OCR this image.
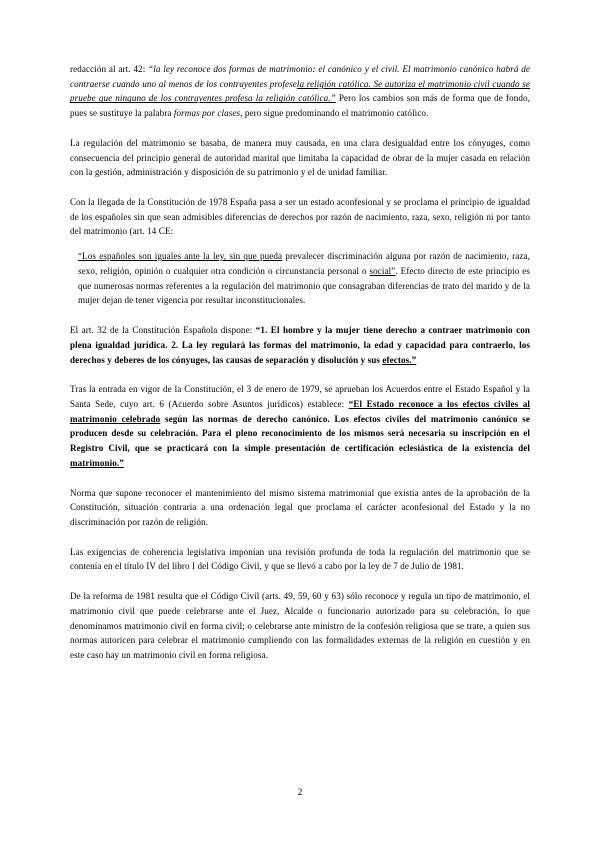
redacción al art. 42: “la ley reconoce dos formas de matrimonio: el canónico y el civil. El matrimonio canónico habrá de contraerse cuando uno al menos de los contrayentes profesela religión católica. Se autoriza el matrimonio civil cuando se pruebe que ninguno de los contrayentes profesa la religión católica.” Pero los cambios son más de forma que de fondo, pues se sustituye la palabra formas por clases, pero sigue predominando el matrimonio católico.

La regulación del matrimonio se basaba, de manera muy causada, en una clara desigualdad entre los cónyuges, como consecuencia del principio general de autoridad marital que limitaba la capacidad de obrar de la mujer casada en relación con la gestión, administración y disposición de su patrimonio y el de unidad familiar.

Con la llegada de la Constitución de 1978 España pasa a ser un estado aconfesional y se proclama el principio de igualdad de los españoles sin que sean admisibles diferencias de derechos por razón de nacimiento, raza, sexo, religión ni por tanto del matrimonio (art. 14 CE:

“Los españoles son iguales ante la ley, sin que pueda prevalecer discriminación alguna por razón de nacimiento, raza, sexo, religión, opinión o cualquier otra condición o circunstancia personal o social”. Efecto directo de este principio es que numerosas normas referentes a la regulación del matrimonio que consagraban diferencias de trato del marido y de la mujer dejan de tener vigencia por resultar inconstitucionales.

El art. 32 de la Constitución Española dispone: “1. El hombre y la mujer tiene derecho a contraer matrimonio con plena igualdad jurídica. 2. La ley regulará las formas del matrimonio, la edad y capacidad para contraerlo, los derechos y deberes de los cónyuges, las causas de separación y disolución y sus efectos.”

Tras la entrada en vigor de la Constitución, el 3 de enero de 1979, se aprueban los Acuerdos entre el Estado Español y la Santa Sede, cuyo art. 6 (Acuerdo sobre Asuntos jurídicos) establece: “El Estado reconoce a los efectos civiles al matrimonio celebrado según las normas de derecho canónico. Los efectos civiles del matrimonio canónico se producen desde su celebración. Para el pleno reconocimiento de los mismos será necesaria su inscripción en el Registro Civil, que se practicará con la simple presentación de certificación eclesiástica de la existencia del matrimonio.”

Norma que supone reconocer el mantenimiento del mismo sistema matrimonial que existía antes de la aprobación de la Constitución, situación contraria a una ordenación legal que proclama el carácter aconfesional del Estado y la no discriminación por razón de religión.

Las exigencias de coherencia legislativa imponían una revisión profunda de toda la regulación del matrimonio que se contenía en el título IV del libro I del Código Civil, y que se llevó a cabo por la ley de 7 de Julio de 1981.

De la reforma de 1981 resulta que el Código Civil (arts. 49, 59, 60 y 63) sólo reconoce y regula un tipo de matrimonio, el matrimonio civil que puede celebrarse ante el Juez, Alcalde o funcionario autorizado para su celebración, lo que denominamos matrimonio civil en forma civil; o celebrarse ante ministro de la confesión religiosa que se trate, a quien sus normas autoricen para celebrar el matrimonio cumpliendo con las formalidades externas de la religión en cuestión y en este caso hay un matrimonio civil en forma religiosa.

2
